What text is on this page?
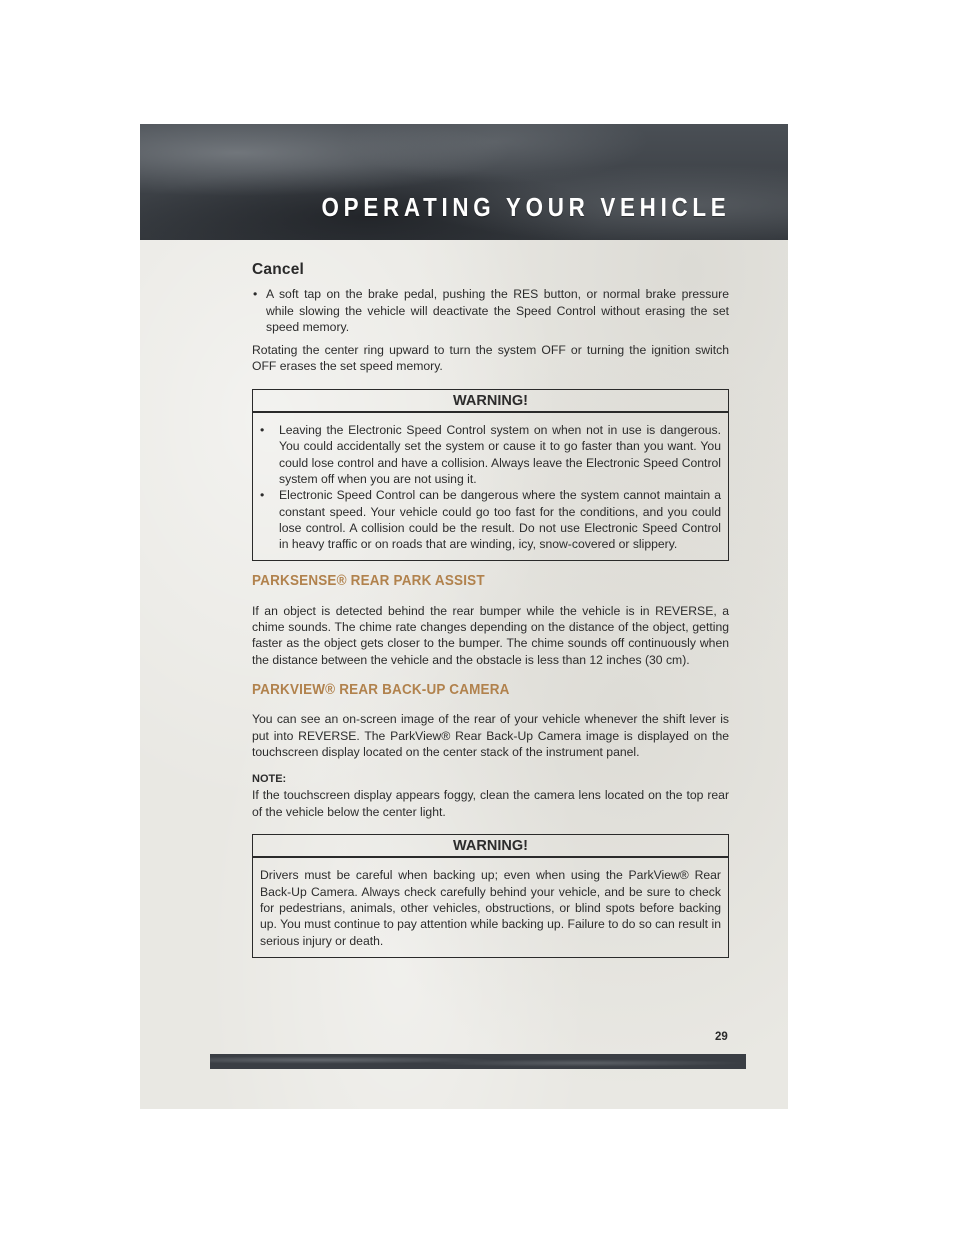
OPERATING YOUR VEHICLE
Cancel
• A soft tap on the brake pedal, pushing the RES button, or normal brake pressure while slowing the vehicle will deactivate the Speed Control without erasing the set speed memory.

Rotating the center ring upward to turn the system OFF or turning the ignition switch OFF erases the set speed memory.

WARNING!
• Leaving the Electronic Speed Control system on when not in use is dangerous. You could accidentally set the system or cause it to go faster than you want. You could lose control and have a collision. Always leave the Electronic Speed Control system off when you are not using it.
• Electronic Speed Control can be dangerous where the system cannot maintain a constant speed. Your vehicle could go too fast for the conditions, and you could lose control. A collision could be the result. Do not use Electronic Speed Control in heavy traffic or on roads that are winding, icy, snow-covered or slippery.
PARKSENSE® REAR PARK ASSIST

If an object is detected behind the rear bumper while the vehicle is in REVERSE, a chime sounds. The chime rate changes depending on the distance of the object, getting faster as the object gets closer to the bumper. The chime sounds off continuously when the distance between the vehicle and the obstacle is less than 12 inches (30 cm).

PARKVIEW® REAR BACK-UP CAMERA

You can see an on-screen image of the rear of your vehicle whenever the shift lever is put into REVERSE. The ParkView® Rear Back-Up Camera image is displayed on the touchscreen display located on the center stack of the instrument panel.

NOTE:

If the touchscreen display appears foggy, clean the camera lens located on the top rear of the vehicle below the center light.

WARNING!

Drivers must be careful when backing up; even when using the ParkView® Rear Back-Up Camera. Always check carefully behind your vehicle, and be sure to check for pedestrians, animals, other vehicles, obstructions, or blind spots before backing up. You must continue to pay attention while backing up. Failure to do so can result in serious injury or death.

29
